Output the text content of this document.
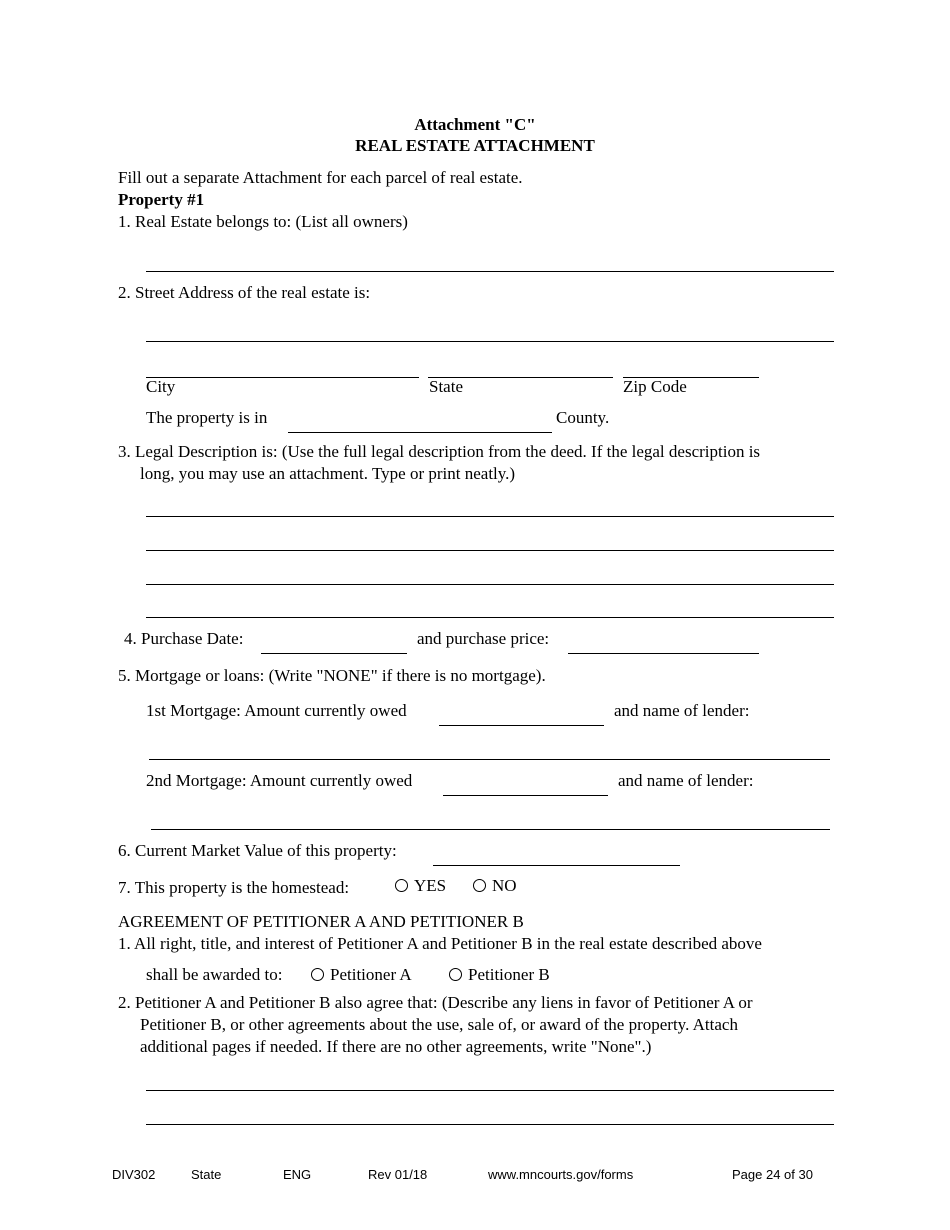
Attachment "C"
REAL ESTATE ATTACHMENT
Fill out a separate Attachment for each parcel of real estate.
Property #1
1. Real Estate belongs to: (List all owners)
2. Street Address of the real estate is:
City	State	Zip Code
The property is in	County.
3. Legal Description is: (Use the full legal description from the deed. If the legal description is
long, you may use an attachment. Type or print neatly.)
4. Purchase Date:	and purchase price:
5. Mortgage or loans: (Write "NONE" if there is no mortgage).
1st Mortgage: Amount currently owed	and name of lender:
2nd Mortgage: Amount currently owed	and name of lender:
6. Current Market Value of this property:
7. This property is the homestead:	YES	NO
AGREEMENT OF PETITIONER A AND PETITIONER B
1. All right, title, and interest of Petitioner A and Petitioner B in the real estate described above
shall be awarded to:	Petitioner A	Petitioner B
2. Petitioner A and Petitioner B also agree that: (Describe any liens in favor of Petitioner A or
Petitioner B, or other agreements about the use, sale of, or award of the property. Attach
additional pages if needed. If there are no other agreements, write "None".)
DIV302	State	ENG	Rev 01/18	www.mncourts.gov/forms	Page 24 of 30
